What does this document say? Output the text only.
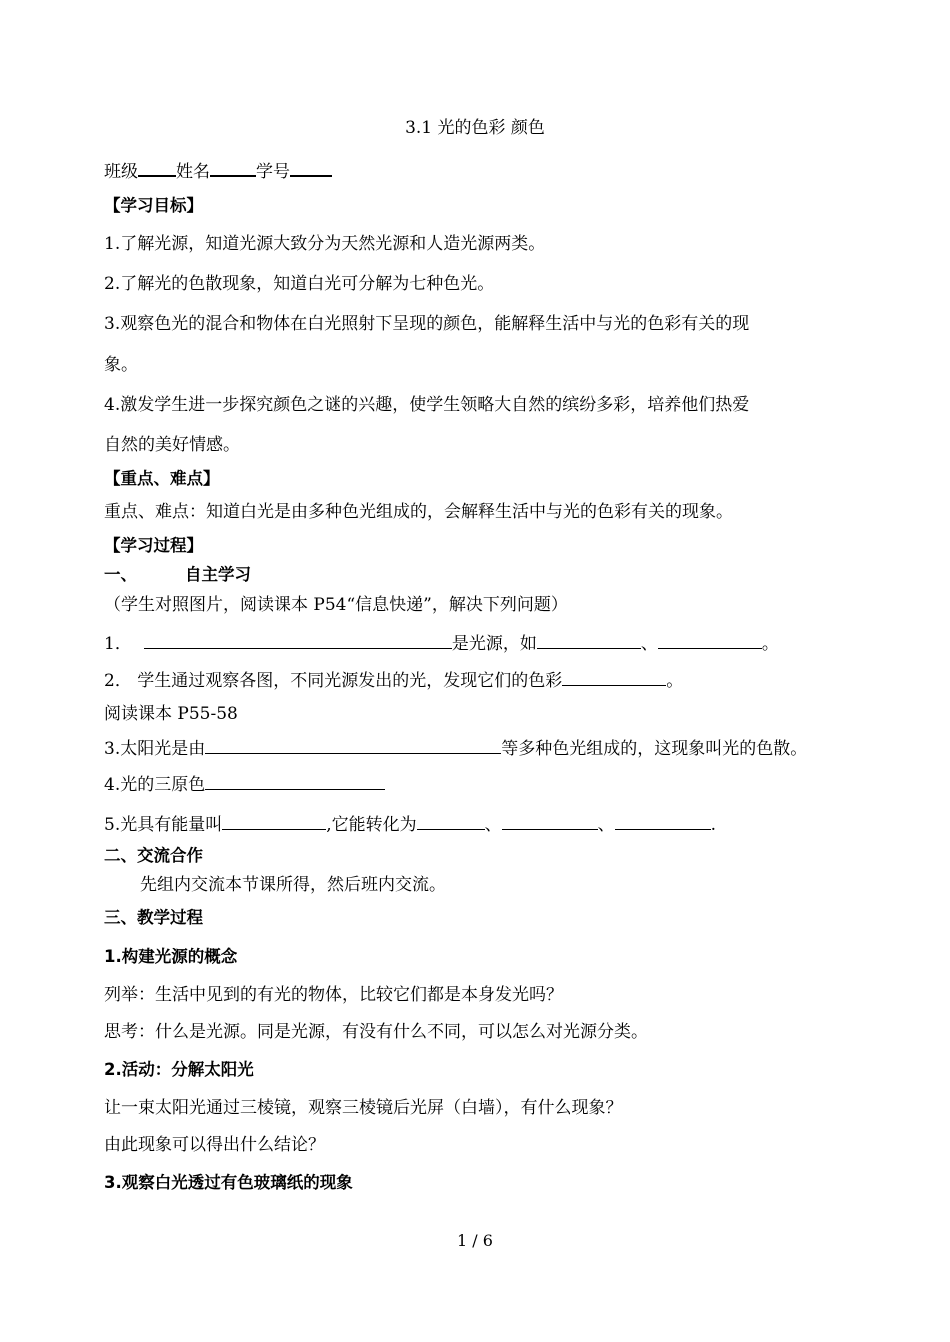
3.1 光的色彩 颜色
班级 姓名	学号
【学习目标】
1.了解光源，知道光源大致分为天然光源和人造光源两类。
2.了解光的色散现象，知道白光可分解为七种色光。
3.观察色光的混合和物体在白光照射下呈现的颜色，能解释生活中与光的色彩有关的现
象。
4.激发学生进一步探究颜色之谜的兴趣，使学生领略大自然的缤纷多彩，培养他们热爱
自然的美好情感。
【重点、难点】
重点、难点：知道白光是由多种色光组成的，会解释生活中与光的色彩有关的现象。
【学习过程】
一、	自主学习
（学生对照图片，阅读课本 P54“信息快递”，解决下列问题）
1．	是光源，如	、	。
2． 学生通过观察各图，不同光源发出的光，发现它们的色彩	。
阅读课本 P55-58
3.太阳光是由	等多种色光组成的，这现象叫光的色散。
4.光的三原色
5.光具有能量叫	,它能转化为	、	、	.
二、交流合作
先组内交流本节课所得，然后班内交流。
三、教学过程
1.构建光源的概念
列举：生活中见到的有光的物体，比较它们都是本身发光吗？
思考：什么是光源。同是光源，有没有什么不同，可以怎么对光源分类。
2.活动：分解太阳光
让一束太阳光通过三棱镜，观察三棱镜后光屏（白墙），有什么现象？
由此现象可以得出什么结论？
3.观察白光透过有色玻璃纸的现象
1 / 6
